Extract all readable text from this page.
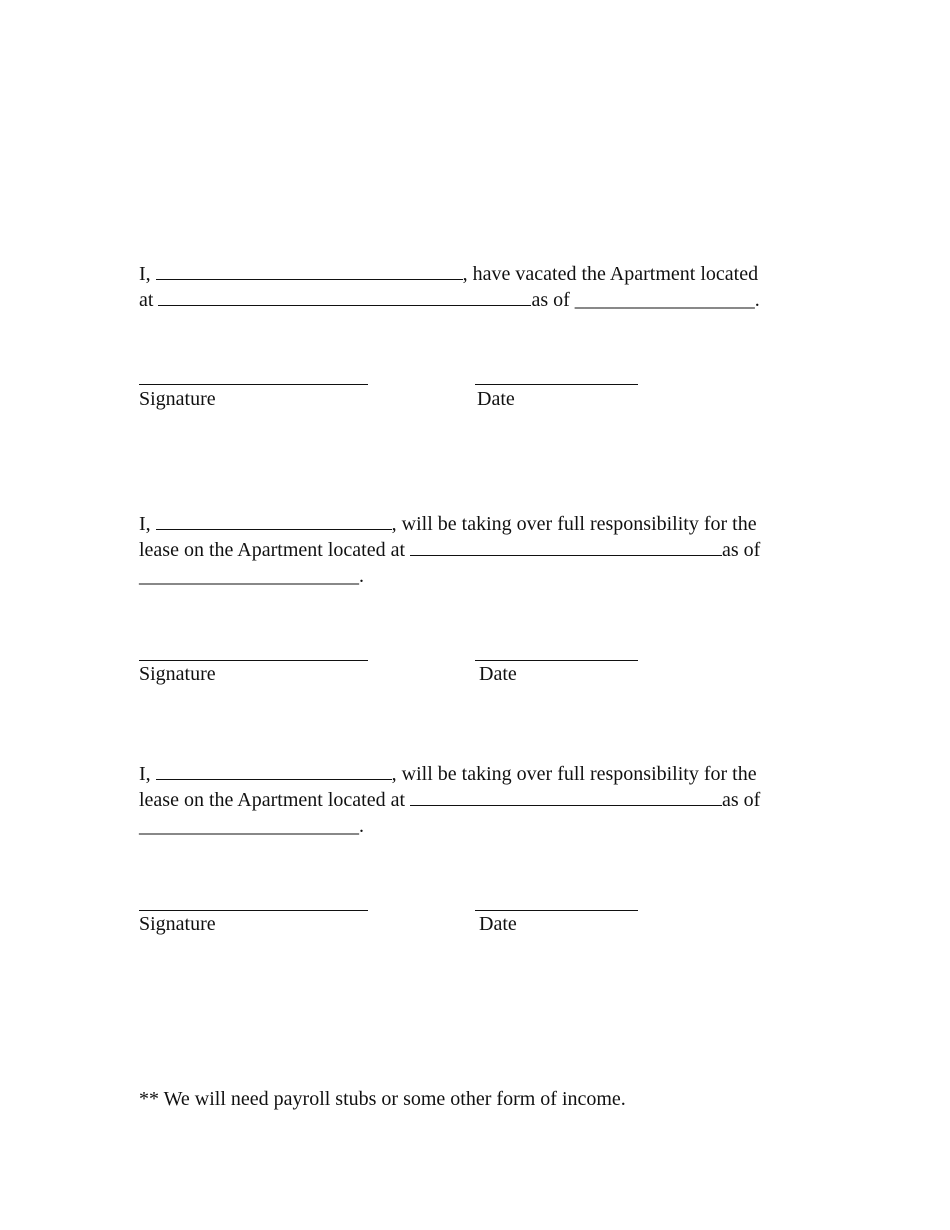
I,	, have vacated the Apartment located
at	as of __________________.
Signature	Date
I,	, will be taking over full responsibility for the
lease on the Apartment located at	as of
______________________.
Signature	Date
I,	, will be taking over full responsibility for the
lease on the Apartment located at	as of
______________________.
Signature	Date
** We will need payroll stubs or some other form of income.
